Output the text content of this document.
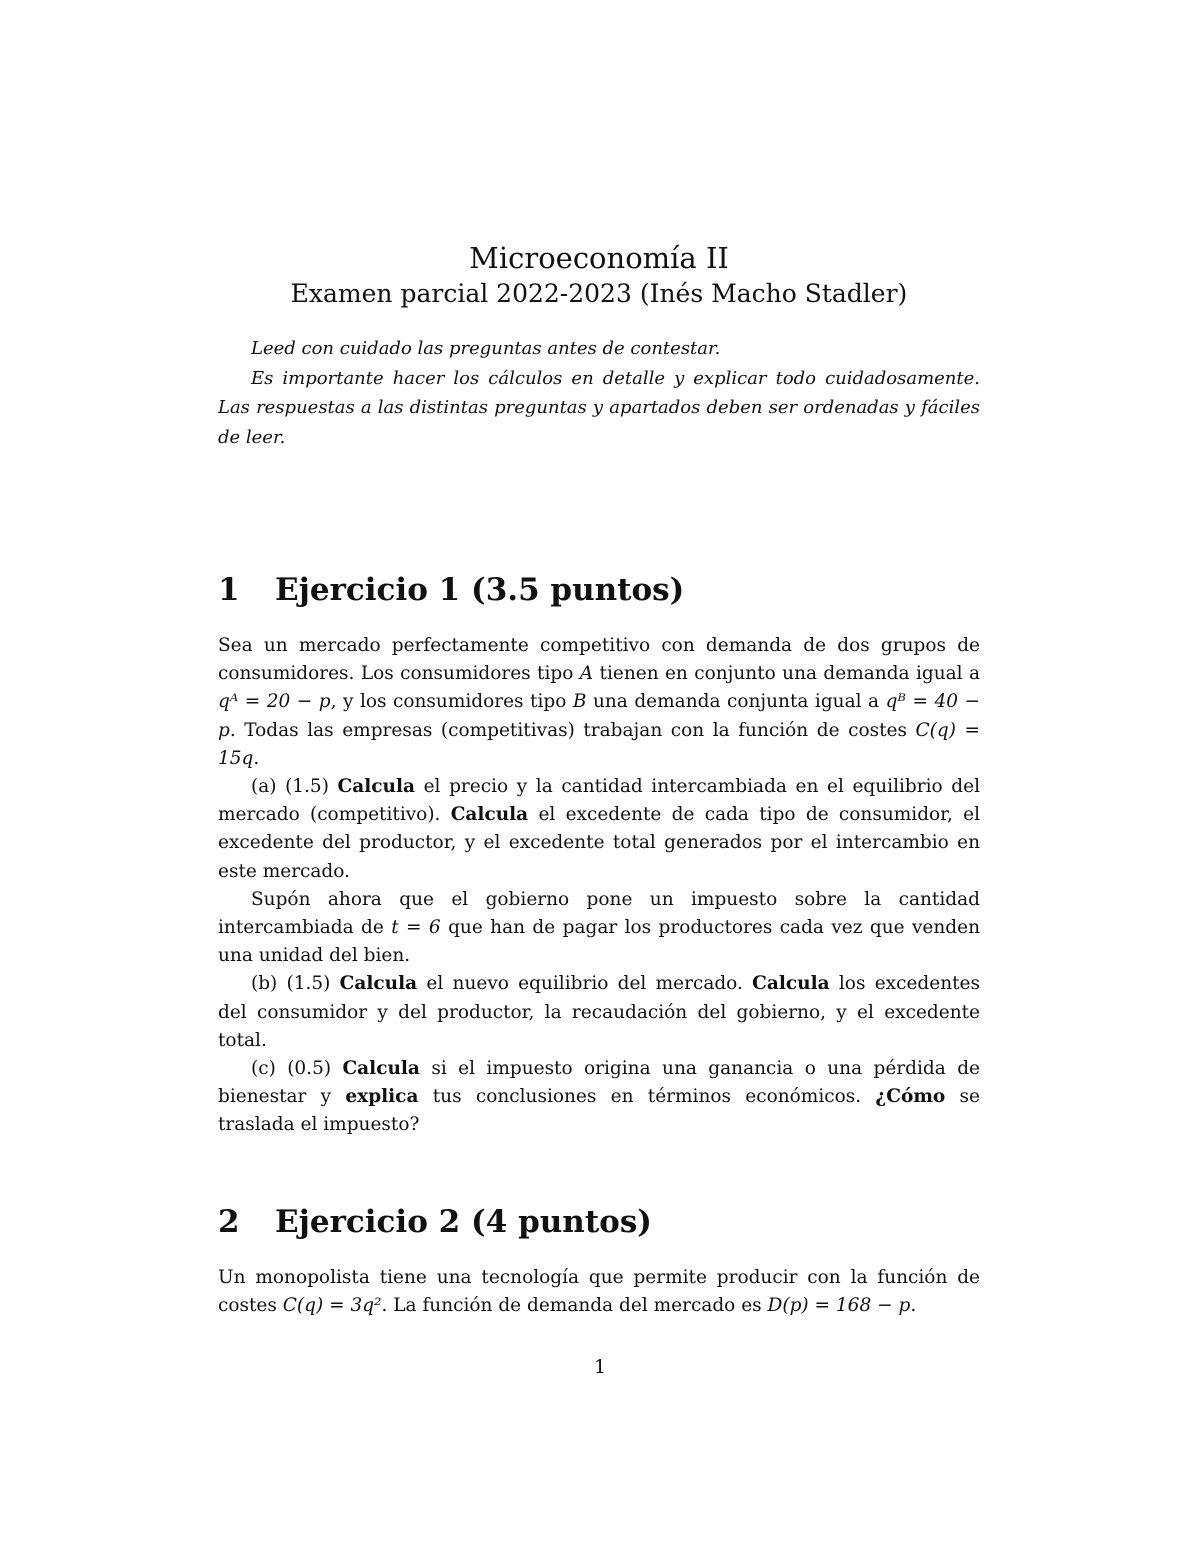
Microeconomía II
Examen parcial 2022-2023 (Inés Macho Stadler)

Leed con cuidado las preguntas antes de contestar.

Es importante hacer los cálculos en detalle y explicar todo cuidadosamente. Las respuestas a las distintas preguntas y apartados deben ser ordenadas y fáciles de leer.

1	Ejercicio 1 (3.5 puntos)

Sea un mercado perfectamente competitivo con demanda de dos grupos de consumidores. Los consumidores tipo A tienen en conjunto una demanda igual a qᴬ = 20 − p, y los consumidores tipo B una demanda conjunta igual a qᴮ = 40 − p. Todas las empresas (competitivas) trabajan con la función de costes C(q) = 15q.

(a) (1.5) Calcula el precio y la cantidad intercambiada en el equilibrio del mercado (competitivo). Calcula el excedente de cada tipo de consumidor, el excedente del productor, y el excedente total generados por el intercambio en este mercado.

Supón ahora que el gobierno pone un impuesto sobre la cantidad intercambiada de t = 6 que han de pagar los productores cada vez que venden una unidad del bien.

(b) (1.5) Calcula el nuevo equilibrio del mercado. Calcula los excedentes del consumidor y del productor, la recaudación del gobierno, y el excedente total.

(c) (0.5) Calcula si el impuesto origina una ganancia o una pérdida de bienestar y explica tus conclusiones en términos económicos. ¿Cómo se traslada el impuesto?

2	Ejercicio 2 (4 puntos)

Un monopolista tiene una tecnología que permite producir con la función de costes C(q) = 3q². La función de demanda del mercado es D(p) = 168 − p.

1
